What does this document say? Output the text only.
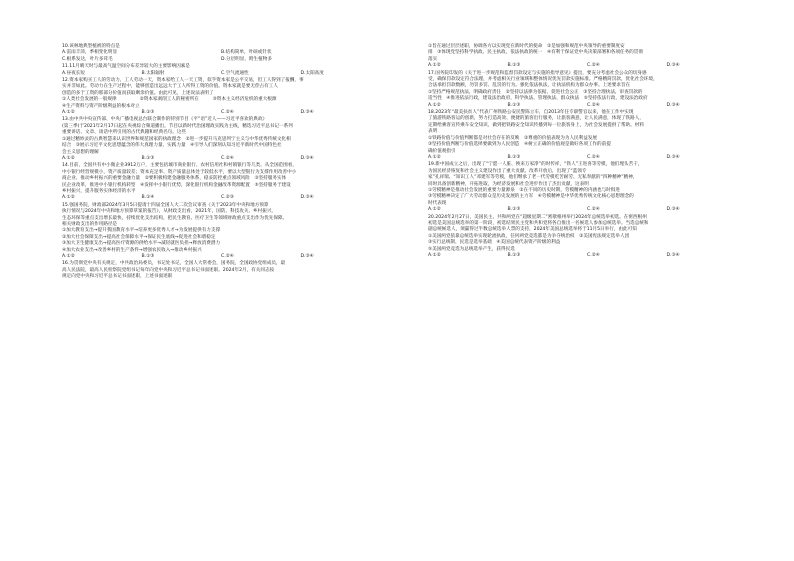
10.该林地典型植被的特点是
A.雷雨丰沛，季相变化明显	B.结构简单，叶硕或针状
C.根系发达，叶片多茸毛	D.分层明显，附生植物多
11.11月晴天时与最高气温空间分布差异较大的主要影响因素是
A.昼夜长短	B.太阳辐射	C.空气流通性	D.太阳高度
12.资本家购买工人的劳动力，工人劳动一天，资本家给工人一天工资，似乎资本家是公平交易，但工人得到了报酬，事
实并非如此。劳动力在生产过程中，能够创造出远远大于工人所得工资的价值。资本家就是要无偿占有工人
创造的多于工资的那部分价值而获取剩余价值。由此可见，上述说法表明了
①人类社会发展的一般规律　　　　　②资本家剥削工人的秘密所在　　　③资本主义经济危机的重大根源
④生产资料与资产阶级利益的根本对立
A.①②	B.①③	C.②④	D.③④
13.由中共中央宣传部、中央广播电视总台联合制作的特别节目《平“语”近人——习近平喜欢的典故》
(第三季)于2021年2月17日起在央视综合频道播出。节目以新时代治国理政实践为主线，精选习近平总书记一系列
重要讲话、文章、谈话中所引用的古代典籍和经典名句。这些
①通过精妙灵的古典智慧来认识世界和规范国家的执政理念　②进一步提升马克思列宁主义与中华优秀传统文化相
结合　③展示习近平文化思想蕴含的伟大真理力量、实践力量　④引导人们深刻认知习近平新时代中国特色社
会主义思想的理解
A.①②	B.①③	C.②④	D.③④
14.目前，全国共有中小微企业3912万户，主要包括城市商业银行、农村信用社和村镇银行等几类。从全国范围看，
中小银行经营规模小，资产质量较差；资本充足率、资产质量总体处于较低水平，要以大型银行为支撑作用改善中小
商企业、推动乡村振兴的重要金融力量　②要积极构建金融服务体系，稳妥防控重点领域风险　③坚持服务实体
民企业改革，推进中小银行机构转型　④发挥中小银行优势，深化银行机构金融改革资源配置　⑤坚持服务于建设
乡村振兴，提升服务实体经济的水平
A.①②	B.①④	C.②③	D.③④
15.强国务院，财政部2024年3月5日提请十四届全国人大二次会议审查《关于2023年中央和地方预算
执行情况与2024年中央和地方预算草案的报告》，从财政支出看，2021年，国防、科技攻关、乡村振兴，
生态环保等重点支出增长最快，持续优化支出结构，把民生教育、医疗卫生等领域财政重点支出作为优先保障。
相关财政支出的作用路径是
①加大教育支出→提升我国教育水平→培养更多优秀人才→为发展提供有力支撑
②加大社会保障支出→提高社会保障水平→保证民生底线→促进社会和谐稳定
③加大卫生健康支出→提高医疗资源的供给水平→减轻就医负担→释放消费潜力
④加大农业支出→改善乡村的生产条件→增强农民收入→推动乡村振兴
A.①②	B.①③	C.②④	D.③④
16.为贯彻党中央有关规定，中共政治局委员，书记处书记，全国人大常委会，国务院，全国政协党组成员，最
高人民法院，最高人民检察院党组书记每年向党中央和习近平总书记书面述职。2024年2月，有关同志按
规定向党中央和习近平总书记书面述职，上述书面述职
①旨在通过层层述职，协调各方以实现党在新时代的使命　②是加强和规范中央领导的重要制度安
排　③体现党坚持科学执政、民主执政、依法执政的统一　④有利于保证党中央决策部署和各项任务的贯彻
落实
A.①②	B.①③	C.②④	D.③④
17.国务院印发的《关于进一步规范和监督罚款设定与实施的指导意见》提出，要充分考虑社会公众的切身感
受，确保罚款设定符合法理，并考虑相关行业领域和整体情况优先罚款实施标准。严格精简罚款，优化社会环境，
合法承担罚款数额，勿罚多罚、乱罚的行为。强化依法执法，让执法机构为群众办事。上述要求旨在
①坚持严格规范执法，明确政府责任　②坚持以法律为依据，促进社会公正　③坚持合理执法，审查罚款的
适当性　④推进依法行政，建设法治政府，科学执法、管理执法、群众执法　⑤坚持依法行政，建设法治政府
A.①②	B.①③	C.②④	D.③④
18.2023年“最美扶贫人”代表广州铁路公安民警陈立车，自2013年任专职警官以来，他在工作中实现
了旅游铁路客运的创新，努力打造高效、便捷的旅客出行服务，让旅客满意，让人民满意，体现了铁路人，
定期给乘客宣传乘车安全知识，做到把铁路安全知识传播到每一位旅客身上，为社会发展提供了帮助。材料
表明
①铁路价值与价值判断都是对社会存在的反映　②尊重的价值表现为为人民利益发展
③坚持价值判断与价值选择要做到为人民创造　④树立正确的价值观是做好各项工作的前提
确价值观指引
A.①②	B.①③	C.②④	D.③④
19.新中国成立之后，出现了“宁愿一人脏、换来万家净”的时传祥，“铁人”王进喜等劳模，他们埋头苦干，
为国民经济恢复和社会主义建设作出了重大贡献。改革开放后，出现了“蓝领专
家”孔祥瑞、“知识工人”邓建军等劳模，他们继承了老一代劳模吃苦耐劳、无私奉献的“四种精神”精神，
同时具备创新精神，开拓进取，为经济发展和社会进步作出了杰出贡献，这表明
①劳模精神是推动社会发展的重要力量源泉　②在不同的历史时期，劳模精神的内涵也与时俱进
③劳模精神决定了广大劳动群众是历史发展的主力军　④劳模精神是中华优秀传统文化核心思想理念的
时代表现
A.①②	B.①③	C.②④	D.③④
20.2024年2月27日，美国民主、共和两党在“超级星期二”密歇根州举行2024年总统选举初选。在密西根州
初选是美国总统选举的第一阶段，初选结果民主党和共和党将各自推出一名候选人参加总统选举。当选总统和
副总统候选人，须赢得过半数总统选举人票的支持，2024年美国总统选举将于11月5日举行，由此可知
①美国两党依靠总统选举实现轮流执政，任何两党竞选都是为争夺统治权　②美国宪法规定选举人团
③实行总统制，民选是选举基础　④美国总统代表资产阶级的利益
⑤美国两党竞选为总统选举产生，获得民选
A.①②	B.①③	C.②④	D.③④
